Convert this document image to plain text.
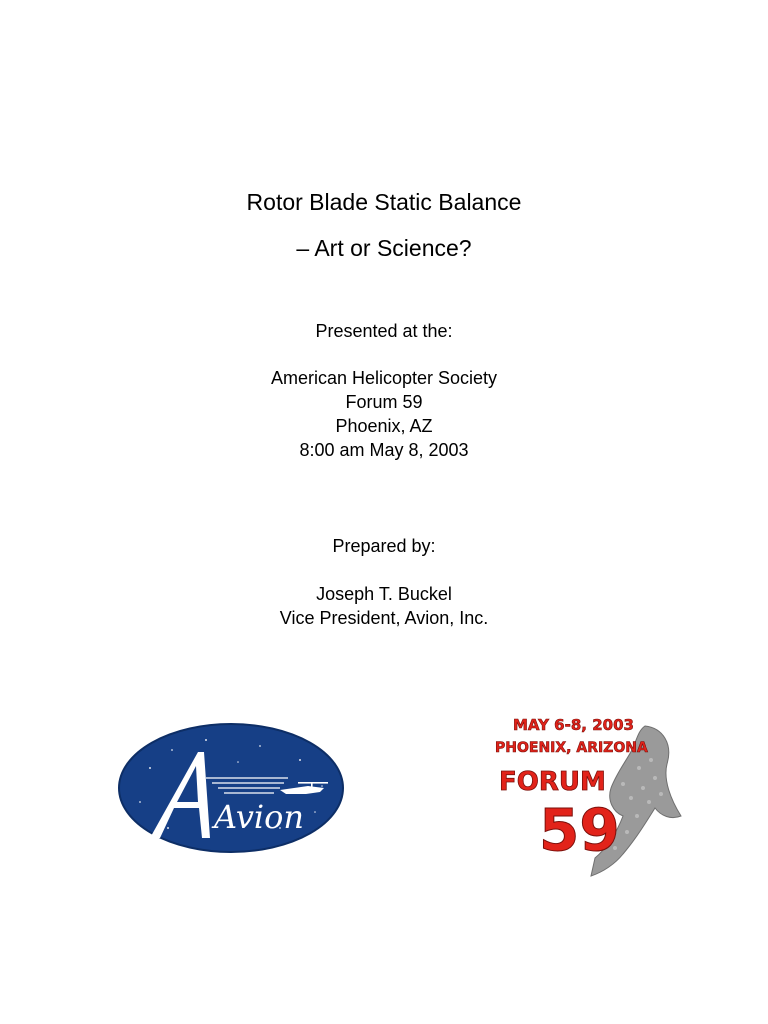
Rotor Blade Static Balance
– Art or Science?
Presented at the:
American Helicopter Society
Forum 59
Phoenix, AZ
8:00 am May 8, 2003
Prepared by:
Joseph T. Buckel
Vice President, Avion, Inc.
Avion
MAY 6-8, 2003
PHOENIX, ARIZONA
FORUM
59
